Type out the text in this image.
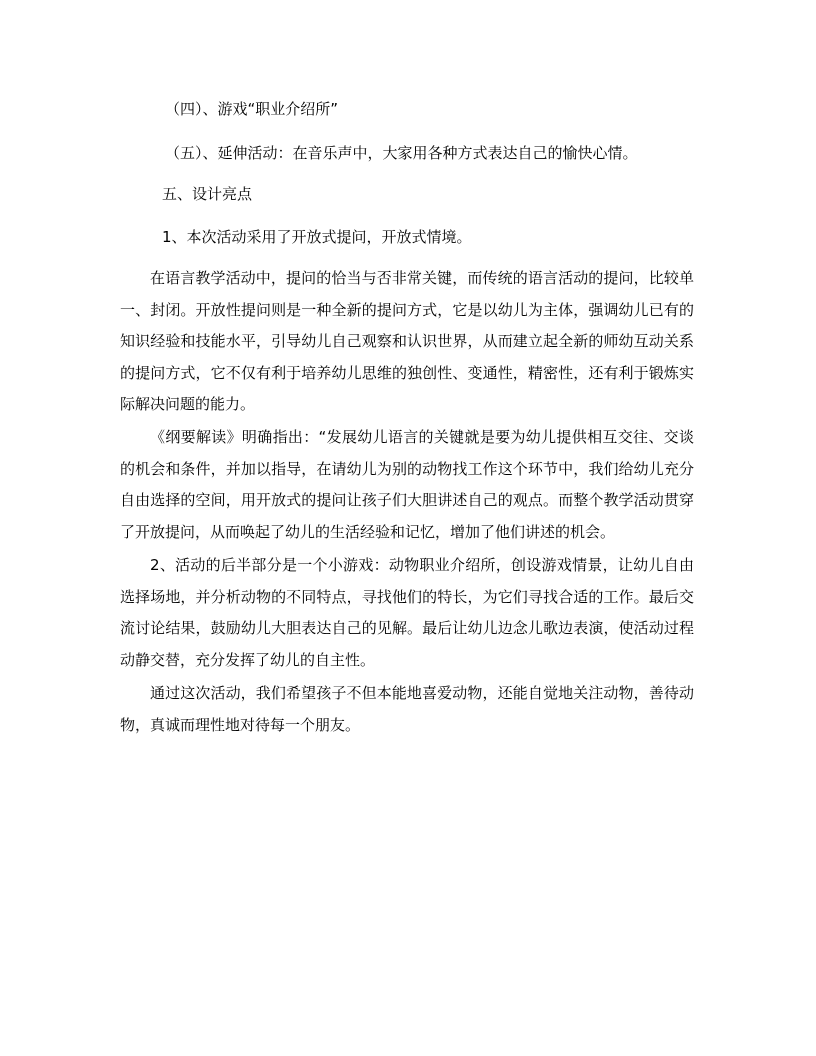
（四）、游戏“职业介绍所”

（五）、延伸活动：在音乐声中，大家用各种方式表达自己的愉快心情。

五、设计亮点

1、本次活动采用了开放式提问，开放式情境。

在语言教学活动中，提问的恰当与否非常关键，而传统的语言活动的提问，比较单一、封闭。开放性提问则是一种全新的提问方式，它是以幼儿为主体，强调幼儿已有的知识经验和技能水平，引导幼儿自己观察和认识世界，从而建立起全新的师幼互动关系的提问方式，它不仅有利于培养幼儿思维的独创性、变通性，精密性，还有利于锻炼实际解决问题的能力。

《纲要解读》明确指出：“发展幼儿语言的关键就是要为幼儿提供相互交往、交谈的机会和条件，并加以指导，在请幼儿为别的动物找工作这个环节中，我们给幼儿充分自由选择的空间，用开放式的提问让孩子们大胆讲述自己的观点。而整个教学活动贯穿了开放提问，从而唤起了幼儿的生活经验和记忆，增加了他们讲述的机会。

2、活动的后半部分是一个小游戏：动物职业介绍所，创设游戏情景，让幼儿自由选择场地，并分析动物的不同特点，寻找他们的特长，为它们寻找合适的工作。最后交流讨论结果，鼓励幼儿大胆表达自己的见解。最后让幼儿边念儿歌边表演，使活动过程动静交替，充分发挥了幼儿的自主性。

通过这次活动，我们希望孩子不但本能地喜爱动物，还能自觉地关注动物，善待动物，真诚而理性地对待每一个朋友。
